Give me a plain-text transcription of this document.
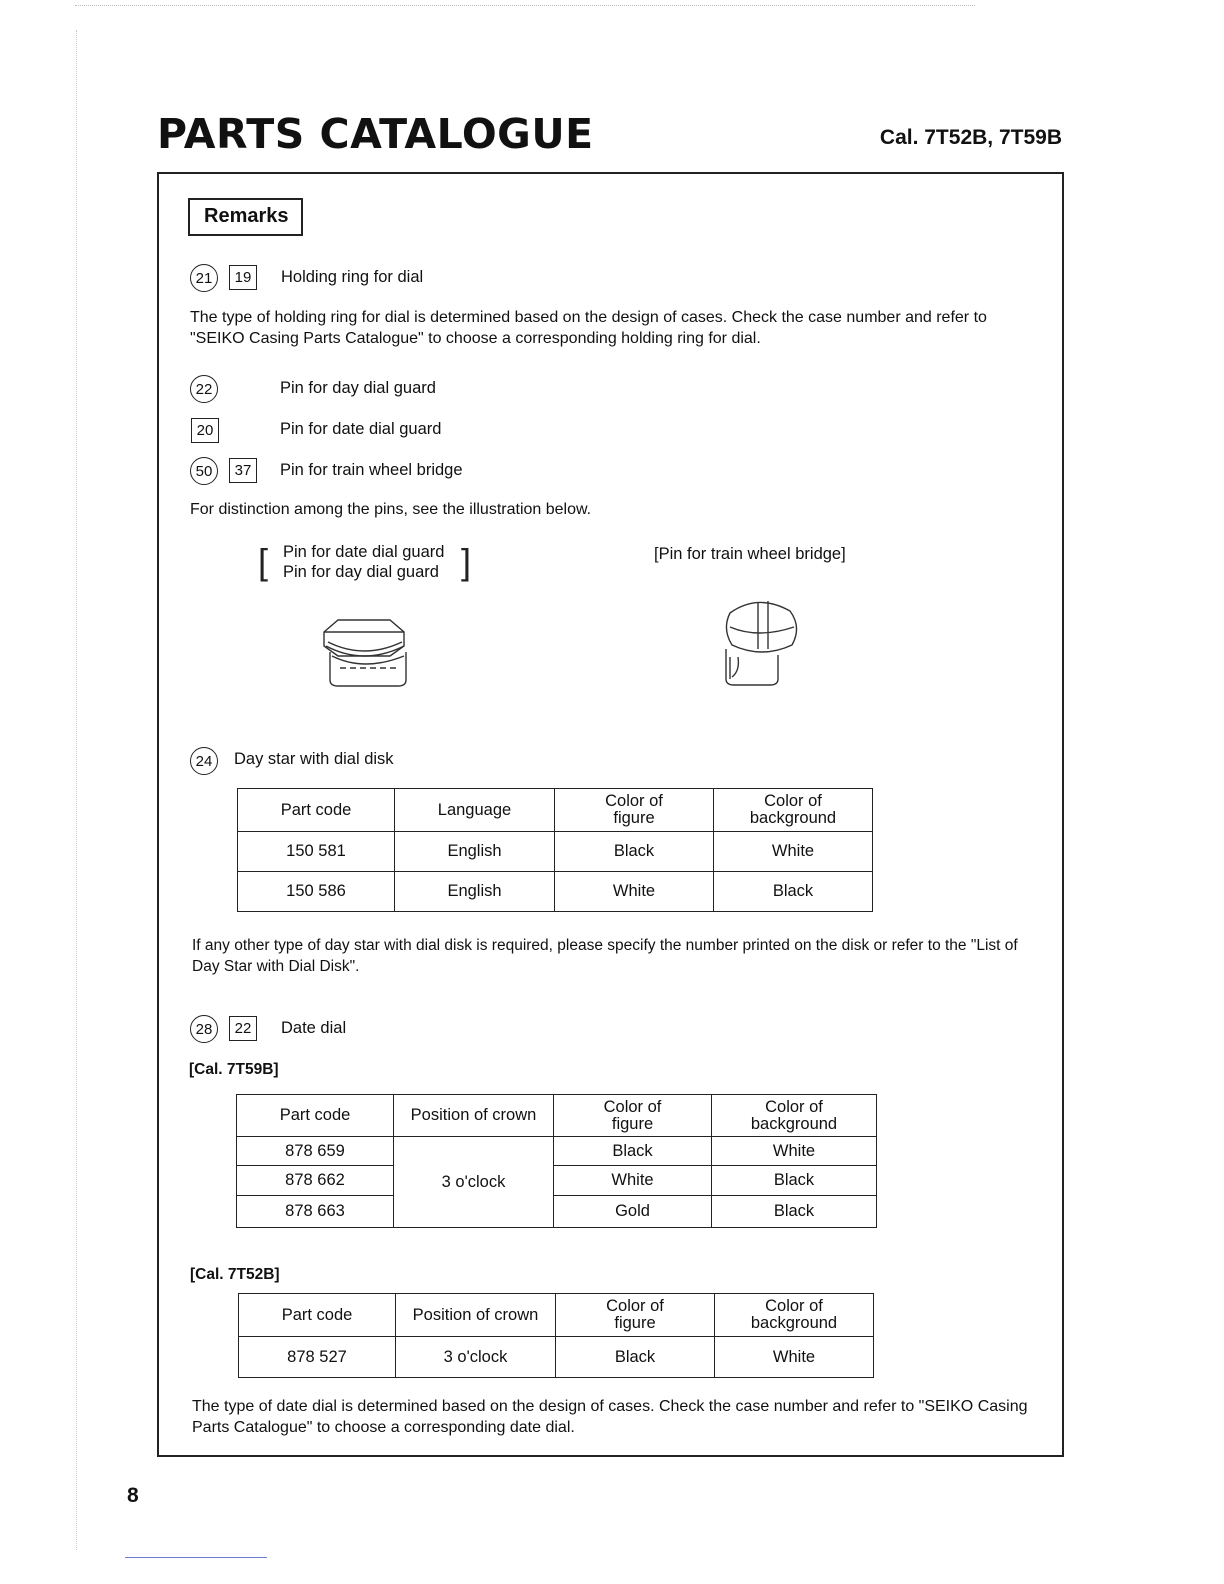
PARTS CATALOGUE	Cal. 7T52B, 7T59B
Remarks
21	19	Holding ring for dial
The type of holding ring for dial is determined based on the design of cases. Check the case number and refer to "SEIKO Casing Parts Catalogue" to choose a corresponding holding ring for dial.
22	Pin for day dial guard
20	Pin for date dial guard
50	37	Pin for train wheel bridge
For distinction among the pins, see the illustration below.
[ Pin for date dial guard
Pin for day dial guard ]	[Pin for train wheel bridge]
24	Day star with dial disk
Part code	Language	Color of figure	Color of background
150 581	English	Black	White
150 586	English	White	Black
If any other type of day star with dial disk is required, please specify the number printed on the disk or refer to the "List of Day Star with Dial Disk".
28	22	Date dial
[Cal. 7T59B]
Part code	Position of crown	Color of figure	Color of background
878 659	3 o'clock	Black	White
878 662		White	Black
878 663		Gold	Black
[Cal. 7T52B]
Part code	Position of crown	Color of figure	Color of background
878 527	3 o'clock	Black	White
The type of date dial is determined based on the design of cases. Check the case number and refer to "SEIKO Casing Parts Catalogue" to choose a corresponding date dial.
8
